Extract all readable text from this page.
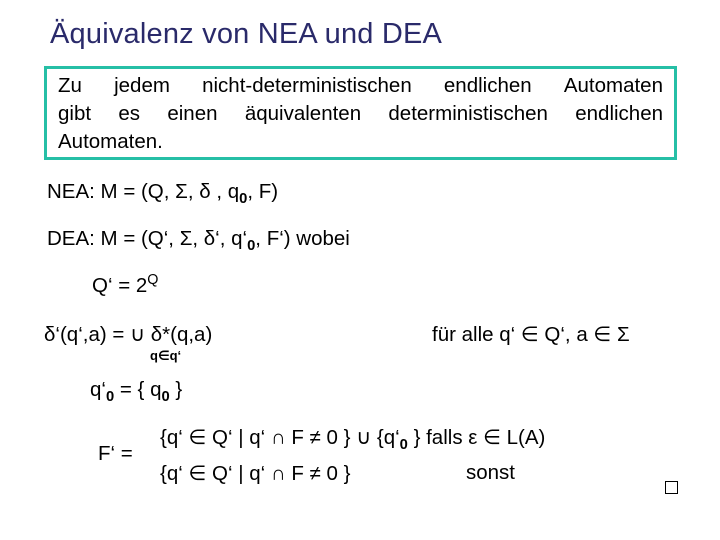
Äquivalenz von NEA und DEA
Zu jedem nicht-deterministischen endlichen Automaten
gibt es einen äquivalenten deterministischen endlichen
Automaten.
NEA: M = (Q, Σ, δ , $q_0$, F)
DEA: M = (Q‘, Σ, δ‘, $q‘_0$, F‘) wobei
Q‘ = $2^Q$
δ‘(q‘,a) = ∪ δ*(q,a)
q∈q‘
für alle q‘ ∈ Q‘, a ∈ Σ
$q‘_0$ = { $q_0$ }
F‘ =
{q‘ ∈ Q‘ | q‘ ∩ F ≠ 0 } ∪ {$q‘_0$ } falls ε ∈ L(A)
{q‘ ∈ Q‘ | q‘ ∩ F ≠ 0 }	sonst
